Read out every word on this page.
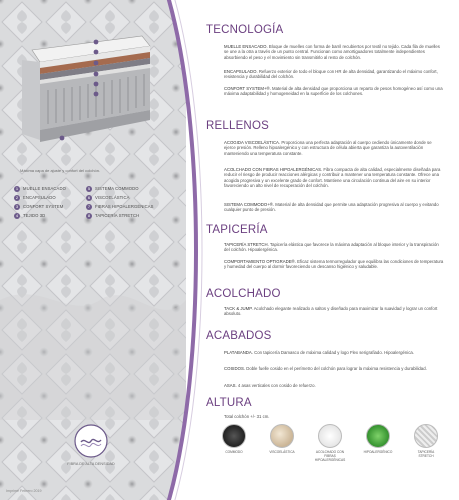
Máxima capa de ajuste y confort del colchón.
1	MUELLE ENSACADO
2	ENCAPSULADO
3	CONFORT SYSTEM
4	TEJIDO 3D
5	SISTEMA COMMODO
6	VISCOELÁSTICA
7	FIBRAS HIPOALERGÉNICAS
8	TAPICERÍA STRETCH
FIBRA DE ALTA DENSIDAD
Imprimé Febrero 2019
TECNOLOGÍA
MUELLE ENSACADO. Bloque de muelles con forma de barril recubiertos por textil no tejido. Cada fila de muelles se une a la otra a través de un punto central. Funcionan como amortiguadores totalmente independientes absorbiendo el peso y el movimiento sin transmitirlo al resto de colchón.
ENCAPSULADO. Refuerzo exterior de todo el bloque con HR de alta densidad, garantizando el máximo confort, resistencia y durabilidad del colchón.
CONFORT SYSTEM+®. Material de alta densidad que proporciona un reparto de pesos homogéneo así como una máxima adaptabilidad y homogeneidad en la superficie de los colchones.
RELLENOS
ACOGIDA VISCOELÁSTICA. Proporciona una perfecta adaptación al cuerpo cediendo únicamente donde se ejerce presión. Relleno hipoalergénico y con estructura de célula abierta que garantiza la autoventilación manteniendo una temperatura constante.
ACOLCHADO CON FIBRAS HIPOALERGÉNICAS. Fibra compacta de alta calidad, especialmente diseñada para reducir el riesgo de producir reacciones alérgicas y contribuir a mantener una temperatura constante. Ofrece una acogida progresiva y un excelente grado de confort. Mantiene una circulación continua del aire en su interior favoreciendo un alto nivel de recuperación del colchón.
SISTEMA COMMODO+®. Material de alta densidad que permite una adaptación progresiva al cuerpo y evitando cualquier punto de presión.
TAPICERÍA
TAPICERÍA STRETCH. Tapicería elástica que favorece la máxima adaptación al bloque interior y la transpiración del colchón. Hipoalergénica.
COMPORTAMIENTO OPTIGRADE®. Eficaz sistema termorregulador que equilibra las condiciones de temperatura y humedad del cuerpo al dormir favoreciendo un descanso higiénico y saludable.
ACOLCHADO
TACK & JUMP. Acolchado elegante realizado a saltos y diseñado para maximizar la suavidad y lograr un confort absoluto.
ACABADOS
PLATABANDA. Con tapicería Damasco de máxima calidad y logo Flex serigrafiado. Hipoalergénica.
COSIDOS. Doble fuelle cosido en el perímetro del colchón para lograr la máxima resistencia y durabilidad.
ASAS. 4 asas verticales con cosido de refuerzo.
ALTURA
Total colchón +/- 31 cm.
COMMODO	VISCOELÁSTICA	ACOLCHADO CON FIBRAS HIPOALERGÉNICAS
HIPOALERGÉNICO	TAPICERÍA STRETCH
